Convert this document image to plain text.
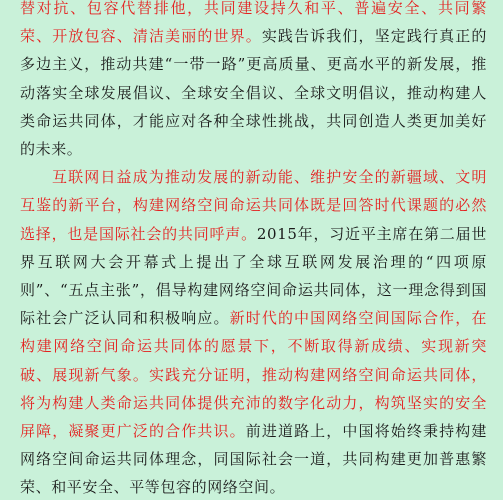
替对抗、包容代替排他，共同建设持久和平、普遍安全、共同繁荣、开放包容、清洁美丽的世界。实践告诉我们，坚定践行真正的多边主义，推动共建“一带一路”更高质量、更高水平的新发展，推动落实全球发展倡议、全球安全倡议、全球文明倡议，推动构建人类命运共同体，才能应对各种全球性挑战，共同创造人类更加美好的未来。

互联网日益成为推动发展的新动能、维护安全的新疆域、文明互鉴的新平台，构建网络空间命运共同体既是回答时代课题的必然选择，也是国际社会的共同呼声。2015年，习近平主席在第二届世界互联网大会开幕式上提出了全球互联网发展治理的“四项原则”、“五点主张”，倡导构建网络空间命运共同体，这一理念得到国际社会广泛认同和积极响应。新时代的中国网络空间国际合作，在构建网络空间命运共同体的愿景下，不断取得新成绩、实现新突破、展现新气象。实践充分证明，推动构建网络空间命运共同体，将为构建人类命运共同体提供充沛的数字化动力，构筑坚实的安全屏障，凝聚更广泛的合作共识。前进道路上，中国将始终秉持构建网络空间命运共同体理念，同国际社会一道，共同构建更加普惠繁荣、和平安全、平等包容的网络空间。
